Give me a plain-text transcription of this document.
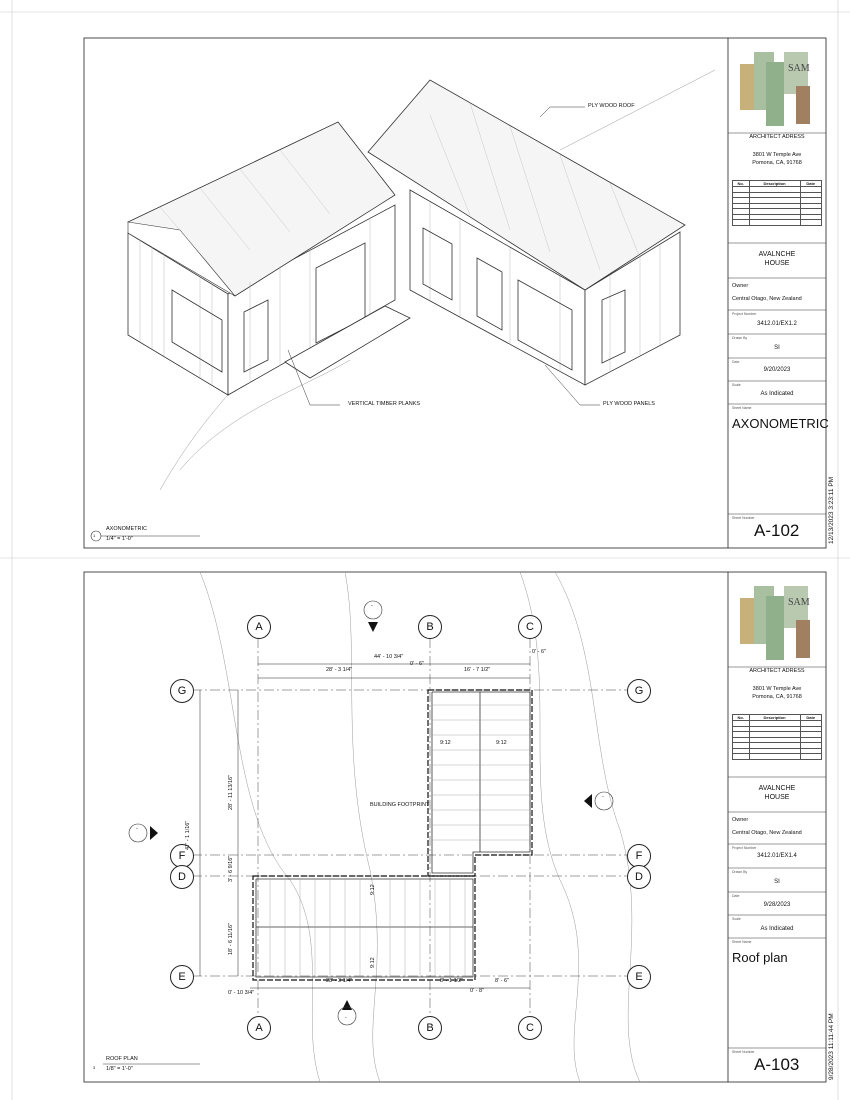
PLY WOOD ROOF
VERTICAL TIMBER PLANKS	PLY WOOD PANELS
1
AXONOMETRIC
1/4" = 1'-0"
SAM
ARCHITECT ADRESS
3801 W Temple Ave
Pomona, CA, 91768
No.	Description	Date

AVALNCHE
HOUSE
Owner
Central Otago, New Zealand
Project Number
3412.01/EX1.2
Drawn By
SI
Date
9/20/2023
Scale
As Indicated
Sheet Name
AXONOMETRIC
Sheet Number
A-102	12/13/2023 3:23:11 PM
A	B	C
G	G
F	F
D	D
E	E
A	B	C
-
-
-
-
44' - 10 3/4"
28' - 3 1/4"
0' - 6"
16' - 7 1/2"
0' - 6"
47' - 1 1/16"
28' - 11 13/16"
3' - 6 9/16"
18' - 6 11/16"
0' - 10 3/4"
28' - 3 1/4"	8' - 1 1/2"	8' - 6"
0' - 8"
9:12	9:12
9:12
9:12
BUILDING FOOTPRINT
3
ROOF PLAN
1/8" = 1'-0"
SAM
ARCHITECT ADRESS
3801 W Temple Ave
Pomona, CA, 91768
No.	Description	Date

AVALNCHE
HOUSE
Owner
Central Otago, New Zealand
Project Number
3412.01/EX1.4
Drawn By
SI
Date
9/28/2023
Scale
As Indicated
Sheet Name
Roof plan
Sheet Number
A-103	9/28/2023 11:11:44 PM
